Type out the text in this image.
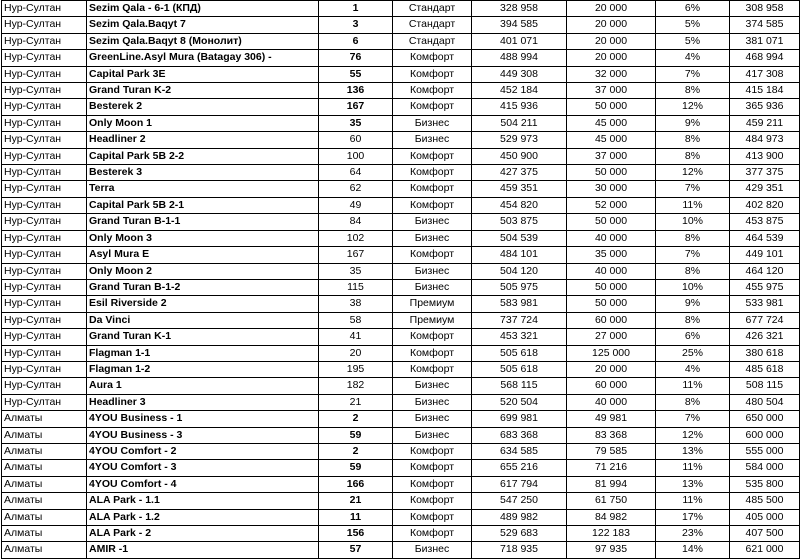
Нур-Султан	Sezim Qala - 6-1 (КПД)	1	Стандарт	328 958	20 000	6%	308 958
Нур-Султан	Sezim Qala.Baqyt 7	3	Стандарт	394 585	20 000	5%	374 585
Нур-Султан	Sezim Qala.Baqyt 8 (Монолит)	6	Стандарт	401 071	20 000	5%	381 071
Нур-Султан	GreenLine.Asyl Mura (Batagay 306) -	76	Комфорт	488 994	20 000	4%	468 994
Нур-Султан	Capital Park 3E	55	Комфорт	449 308	32 000	7%	417 308
Нур-Султан	Grand Turan K-2	136	Комфорт	452 184	37 000	8%	415 184
Нур-Султан	Besterek 2	167	Комфорт	415 936	50 000	12%	365 936
Нур-Султан	Only Moon 1	35	Бизнес	504 211	45 000	9%	459 211
Нур-Султан	Headliner 2	60	Бизнес	529 973	45 000	8%	484 973
Нур-Султан	Capital Park 5B 2-2	100	Комфорт	450 900	37 000	8%	413 900
Нур-Султан	Besterek 3	64	Комфорт	427 375	50 000	12%	377 375
Нур-Султан	Terra	62	Комфорт	459 351	30 000	7%	429 351
Нур-Султан	Capital Park 5B 2-1	49	Комфорт	454 820	52 000	11%	402 820
Нур-Султан	Grand Turan B-1-1	84	Бизнес	503 875	50 000	10%	453 875
Нур-Султан	Only Moon 3	102	Бизнес	504 539	40 000	8%	464 539
Нур-Султан	Asyl Mura E	167	Комфорт	484 101	35 000	7%	449 101
Нур-Султан	Only Moon 2	35	Бизнес	504 120	40 000	8%	464 120
Нур-Султан	Grand Turan B-1-2	115	Бизнес	505 975	50 000	10%	455 975
Нур-Султан	Esil Riverside 2	38	Премиум	583 981	50 000	9%	533 981
Нур-Султан	Da Vinci	58	Премиум	737 724	60 000	8%	677 724
Нур-Султан	Grand Turan K-1	41	Комфорт	453 321	27 000	6%	426 321
Нур-Султан	Flagman 1-1	20	Комфорт	505 618	125 000	25%	380 618
Нур-Султан	Flagman 1-2	195	Комфорт	505 618	20 000	4%	485 618
Нур-Султан	Aura 1	182	Бизнес	568 115	60 000	11%	508 115
Нур-Султан	Headliner 3	21	Бизнес	520 504	40 000	8%	480 504
Алматы	4YOU Business - 1	2	Бизнес	699 981	49 981	7%	650 000
Алматы	4YOU Business - 3	59	Бизнес	683 368	83 368	12%	600 000
Алматы	4YOU Comfort - 2	2	Комфорт	634 585	79 585	13%	555 000
Алматы	4YOU Comfort - 3	59	Комфорт	655 216	71 216	11%	584 000
Алматы	4YOU Comfort - 4	166	Комфорт	617 794	81 994	13%	535 800
Алматы	ALA Park - 1.1	21	Комфорт	547 250	61 750	11%	485 500
Алматы	ALA Park - 1.2	11	Комфорт	489 982	84 982	17%	405 000
Алматы	ALA Park - 2	156	Комфорт	529 683	122 183	23%	407 500
Алматы	AMIR -1	57	Бизнес	718 935	97 935	14%	621 000
